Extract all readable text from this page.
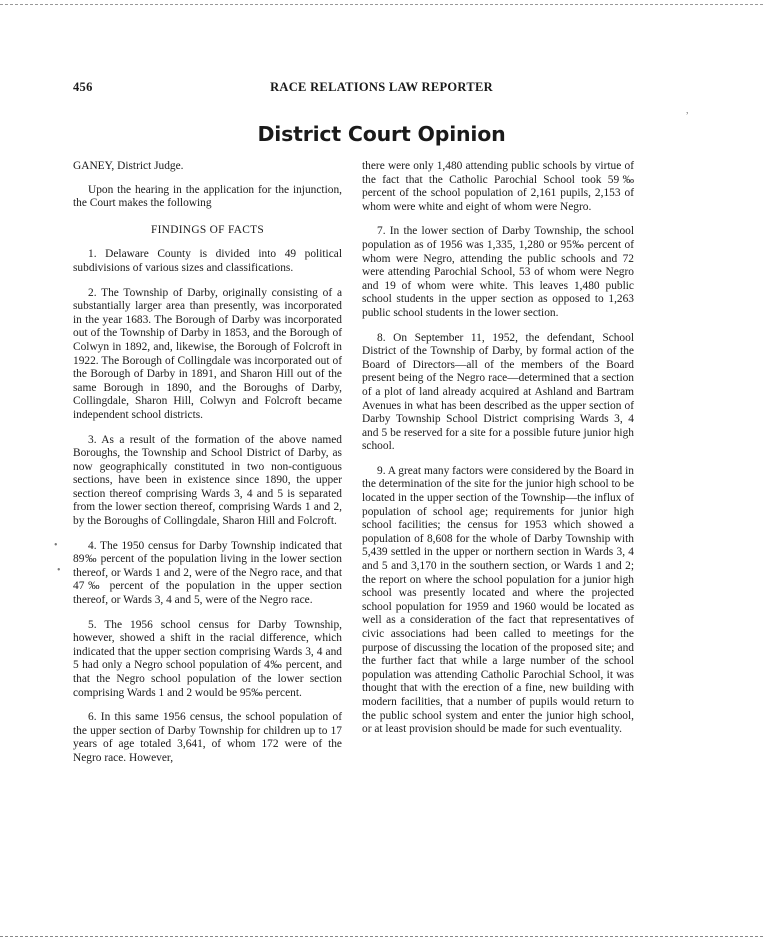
456	RACE RELATIONS LAW REPORTER
District Court Opinion

GANEY, District Judge.

Upon the hearing in the application for the injunction, the Court makes the following

FINDINGS OF FACTS

1. Delaware County is divided into 49 political subdivisions of various sizes and classifications.

2. The Township of Darby, originally consisting of a substantially larger area than presently, was incorporated in the year 1683. The Borough of Darby was incorporated out of the Township of Darby in 1853, and the Borough of Colwyn in 1892, and, likewise, the Borough of Folcroft in 1922. The Borough of Collingdale was incorporated out of the Borough of Darby in 1891, and Sharon Hill out of the same Borough in 1890, and the Boroughs of Darby, Collingdale, Sharon Hill, Colwyn and Folcroft became independent school districts.

3. As a result of the formation of the above named Boroughs, the Township and School District of Darby, as now geographically constituted in two non-contiguous sections, have been in existence since 1890, the upper section thereof comprising Wards 3, 4 and 5 is separated from the lower section thereof, comprising Wards 1 and 2, by the Boroughs of Collingdale, Sharon Hill and Folcroft.

4. The 1950 census for Darby Township indicated that 89‰ percent of the population living in the lower section thereof, or Wards 1 and 2, were of the Negro race, and that 47‰ percent of the population in the upper section thereof, or Wards 3, 4 and 5, were of the Negro race.

5. The 1956 school census for Darby Township, however, showed a shift in the racial difference, which indicated that the upper section comprising Wards 3, 4 and 5 had only a Negro school population of 4‰ percent, and that the Negro school population of the lower section comprising Wards 1 and 2 would be 95‰ percent.

6. In this same 1956 census, the school population of the upper section of Darby Township for children up to 17 years of age totaled 3,641, of whom 172 were of the Negro race. However,

there were only 1,480 attending public schools by virtue of the fact that the Catholic Parochial School took 59‰ percent of the school population of 2,161 pupils, 2,153 of whom were white and eight of whom were Negro.

7. In the lower section of Darby Township, the school population as of 1956 was 1,335, 1,280 or 95‰ percent of whom were Negro, attending the public schools and 72 were attending Parochial School, 53 of whom were Negro and 19 of whom were white. This leaves 1,480 public school students in the upper section as opposed to 1,263 public school students in the lower section.

8. On September 11, 1952, the defendant, School District of the Township of Darby, by formal action of the Board of Directors—all of the members of the Board present being of the Negro race—determined that a section of a plot of land already acquired at Ashland and Bartram Avenues in what has been described as the upper section of Darby Township School District comprising Wards 3, 4 and 5 be reserved for a site for a possible future junior high school.

9. A great many factors were considered by the Board in the determination of the site for the junior high school to be located in the upper section of the Township—the influx of population of school age; requirements for junior high school facilities; the census for 1953 which showed a population of 8,608 for the whole of Darby Township with 5,439 settled in the upper or northern section in Wards 3, 4 and 5 and 3,170 in the southern section, or Wards 1 and 2; the report on where the school population for a junior high school was presently located and where the projected school population for 1959 and 1960 would be located as well as a consideration of the fact that representatives of civic associations had been called to meetings for the purpose of discussing the location of the proposed site; and the further fact that while a large number of the school population was attending Catholic Parochial School, it was thought that with the erection of a fine, new building with modern facilities, that a number of pupils would return to the public school system and enter the junior high school, or at least provision should be made for such eventuality.

,
•
•
